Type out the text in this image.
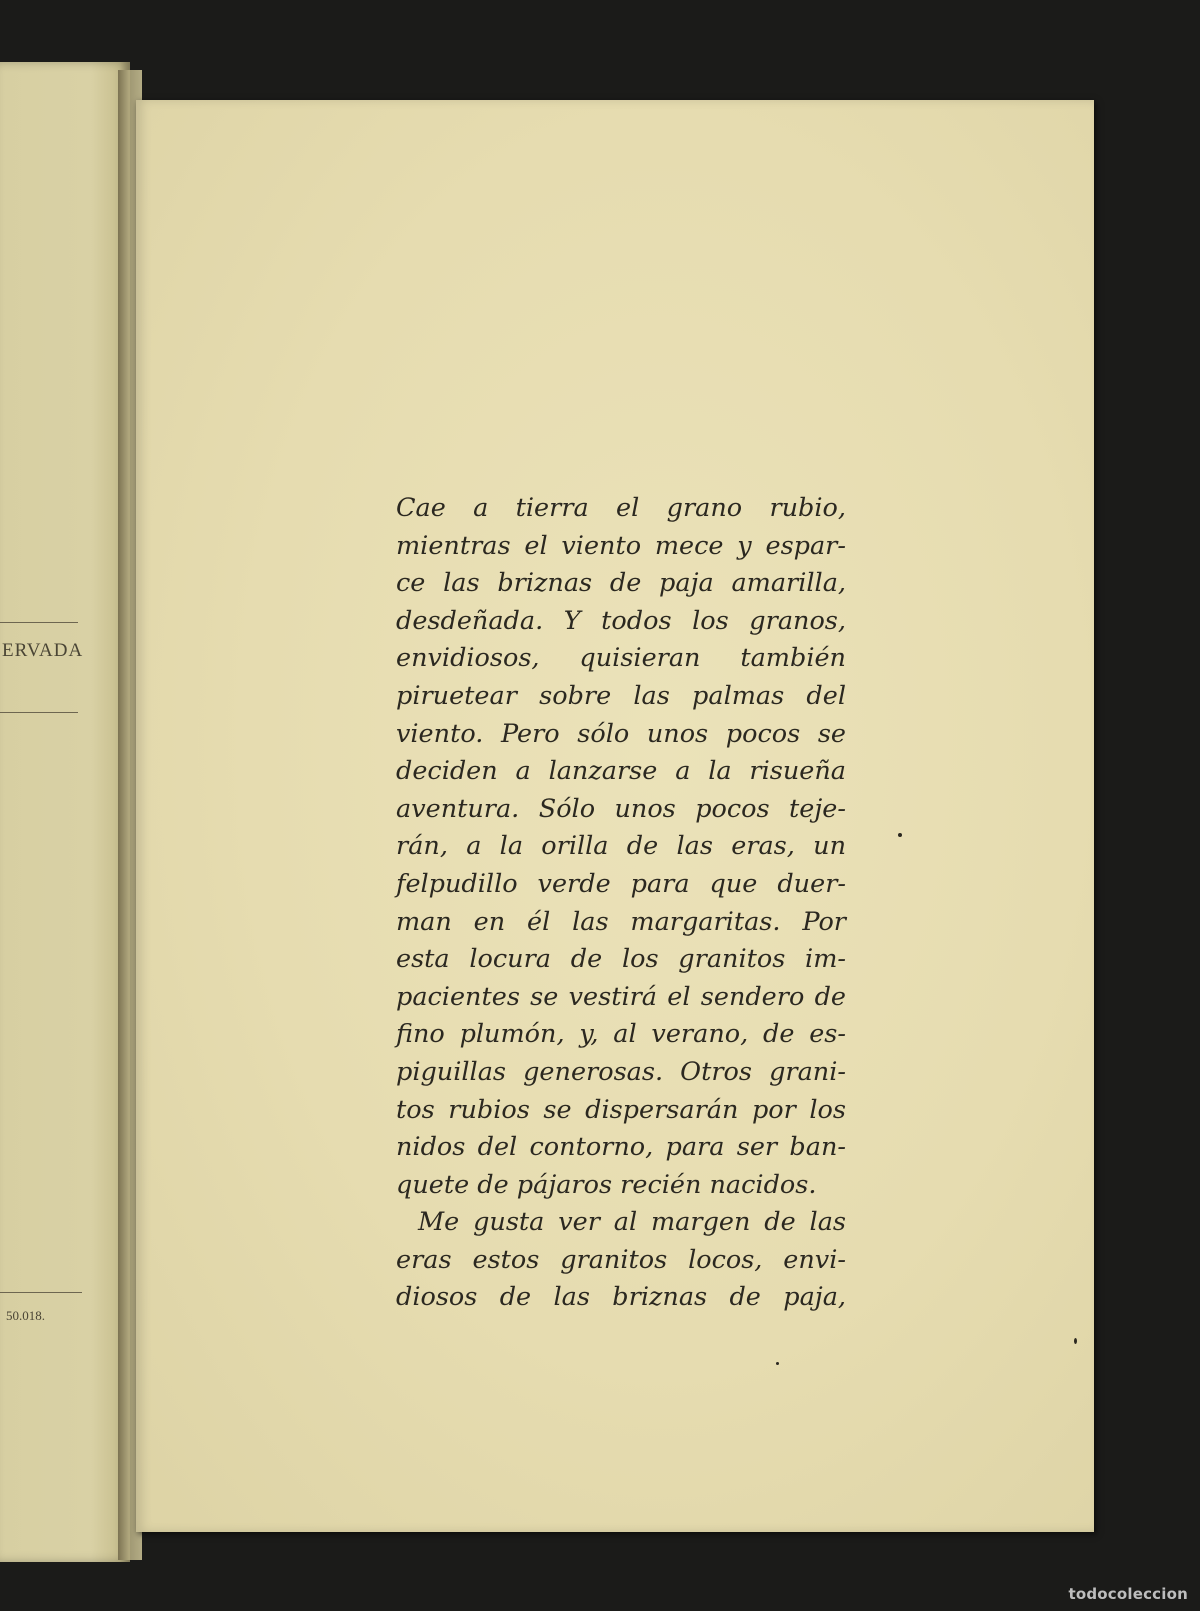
ERVADA
50.018.
Cae a tierra el grano rubio,
mientras el viento mece y espar-
ce las briznas de paja amarilla,
desdeñada. Y todos los granos,
envidiosos, quisieran también
piruetear sobre las palmas del
viento. Pero sólo unos pocos se
deciden a lanzarse a la risueña
aventura. Sólo unos pocos teje-
rán, a la orilla de las eras, un
felpudillo verde para que duer-
man en él las margaritas. Por
esta locura de los granitos im-
pacientes se vestirá el sendero de
fino plumón, y, al verano, de es-
piguillas generosas. Otros grani-
tos rubios se dispersarán por los
nidos del contorno, para ser ban-
quete de pájaros recién nacidos.
Me gusta ver al margen de las
eras estos granitos locos, envi-
diosos de las briznas de paja,
todocoleccion
